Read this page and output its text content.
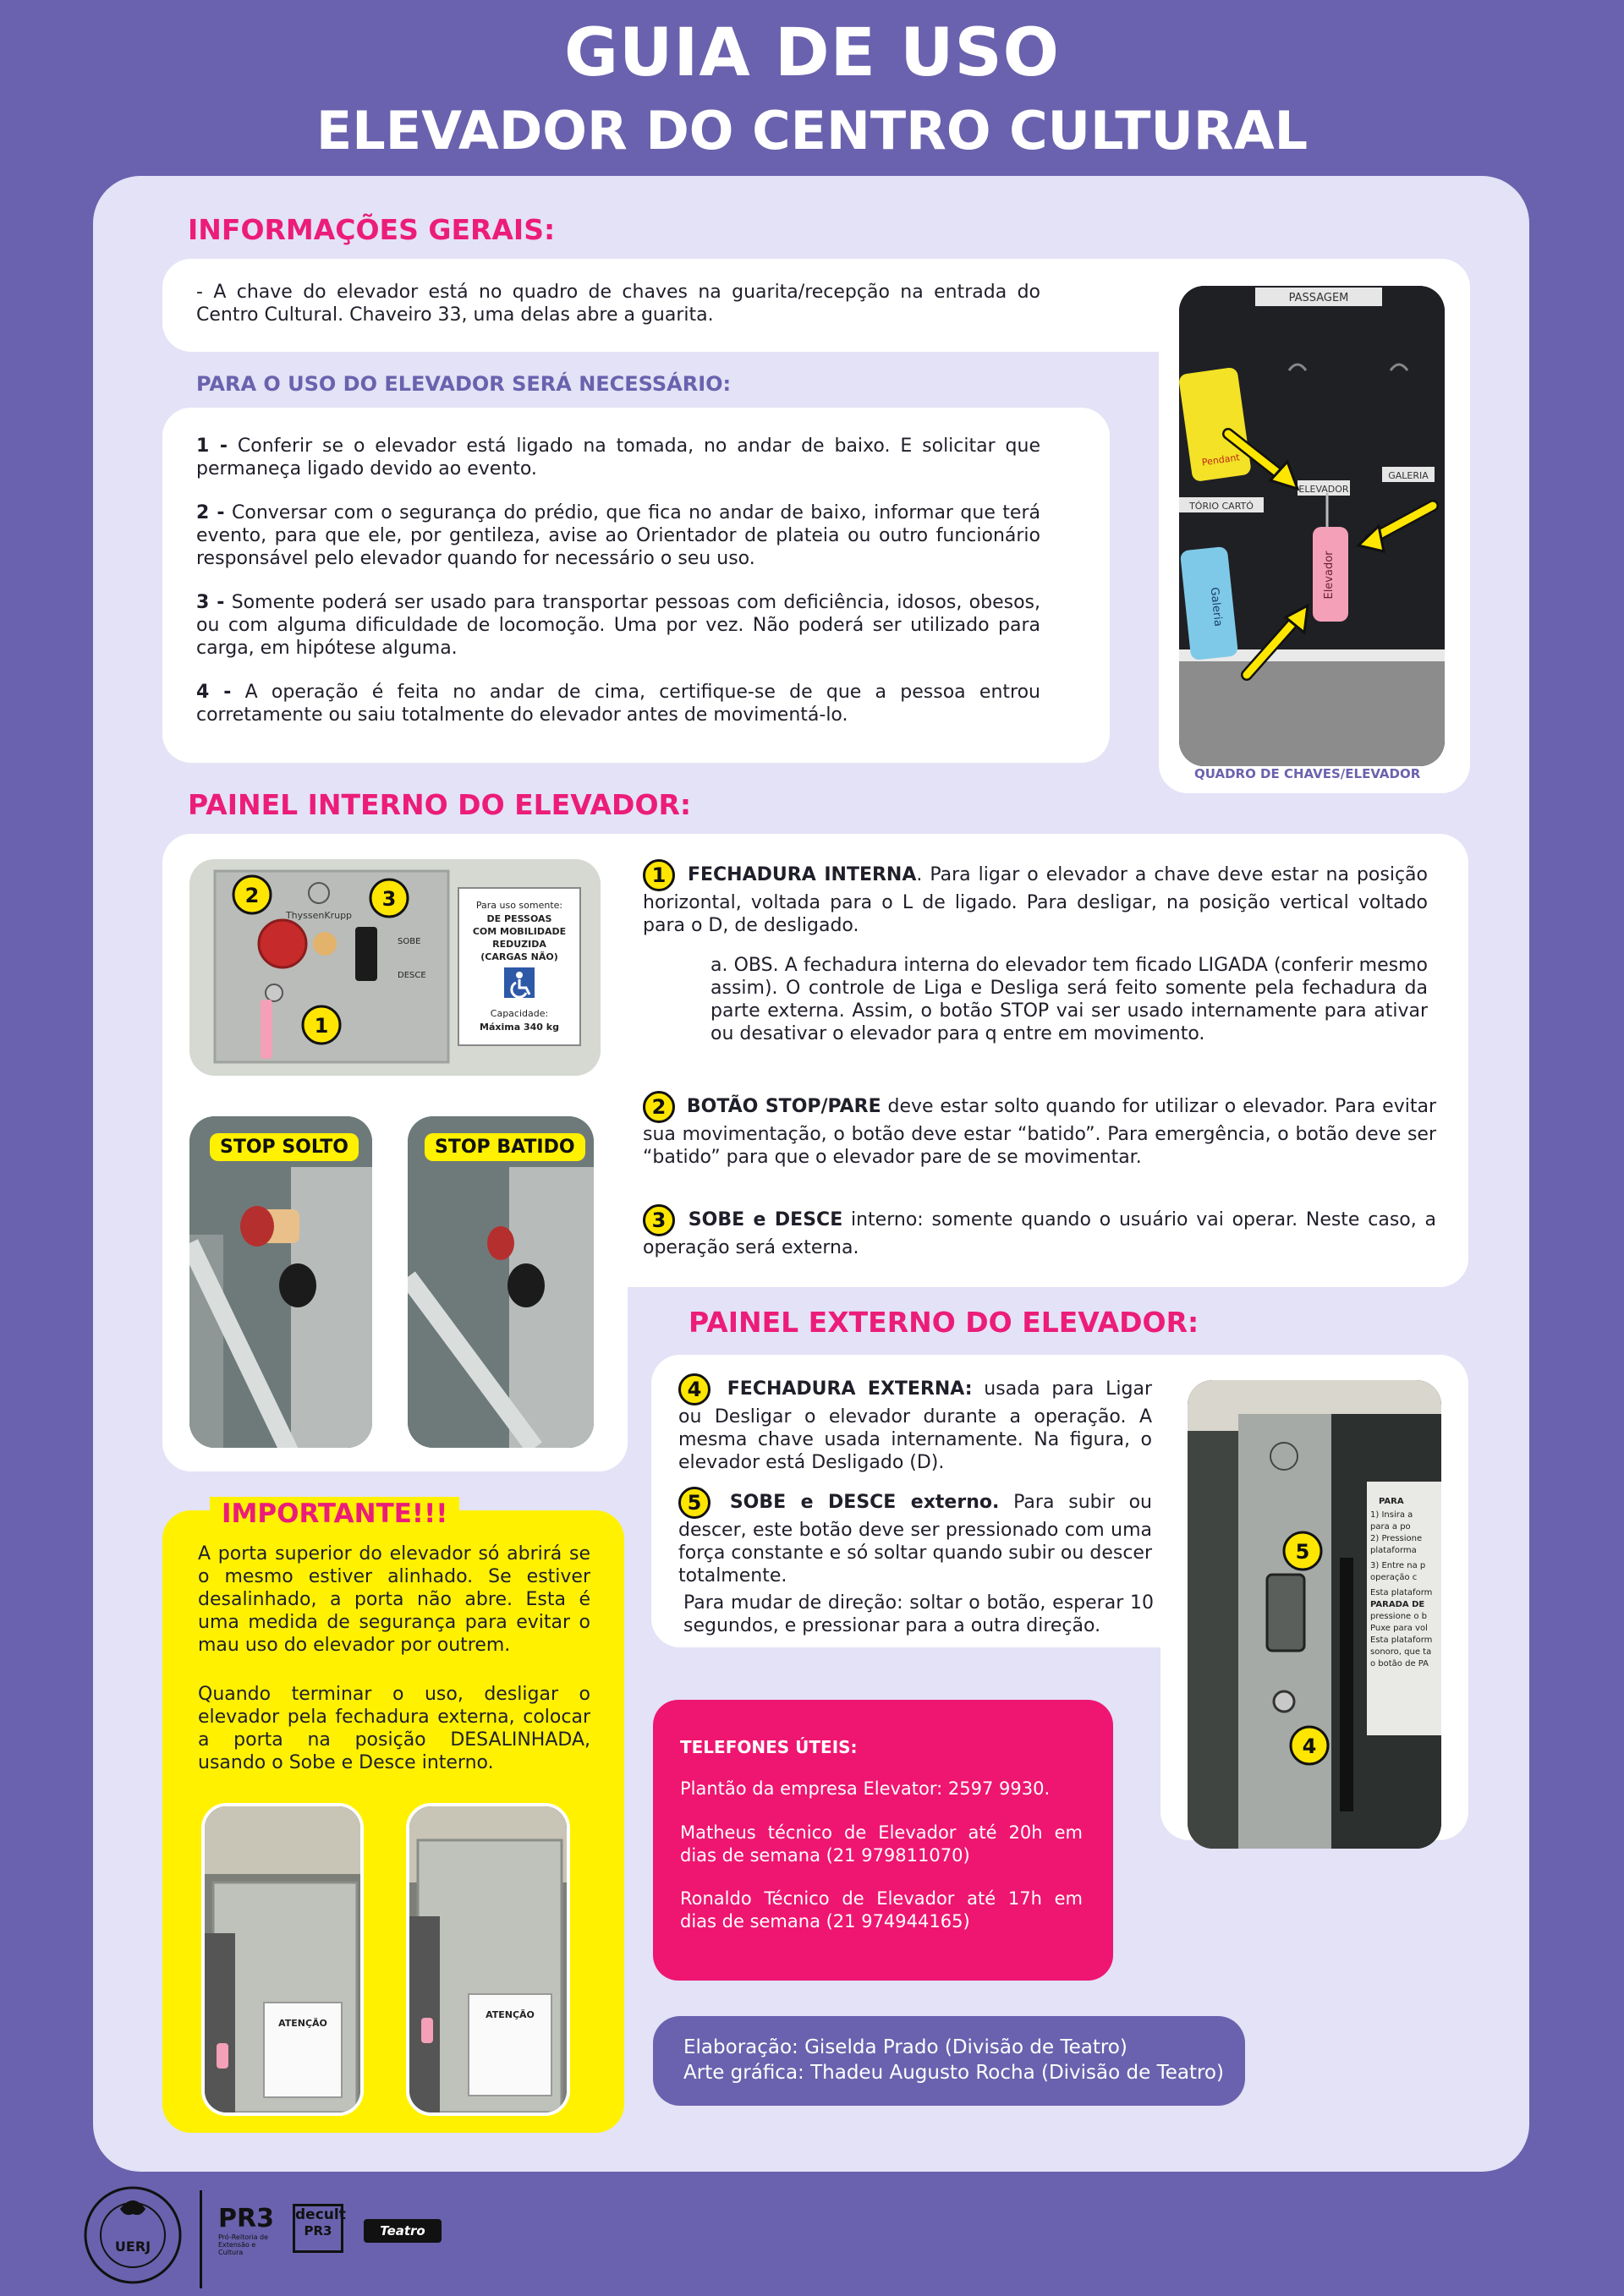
GUIA DE USO
ELEVADOR DO CENTRO CULTURAL
INFORMAÇÕES GERAIS:
- A chave do elevador está no quadro de chaves na guarita/recepção na entrada do Centro Cultural. Chaveiro 33, uma delas abre a guarita.
PARA O USO DO ELEVADOR SERÁ NECESSÁRIO:
1 - Conferir se o elevador está ligado na tomada, no andar de baixo. E solicitar que permaneça ligado devido ao evento.
2 - Conversar com o segurança do prédio, que fica no andar de baixo, informar que terá evento, para que ele, por gentileza, avise ao Orientador de plateia ou outro funcionário responsável pelo elevador quando for necessário o seu uso.
3 - Somente poderá ser usado para transportar pessoas com deficiência, idosos, obesos, ou com alguma dificuldade de locomoção. Uma por vez. Não poderá ser utilizado para carga, em hipótese alguma.
4 - A operação é feita no andar de cima, certifique-se de que a pessoa entrou corretamente ou saiu totalmente do elevador antes de movimentá-lo.
PASSAGEM
ELEVADOR
GALERIA
TÓRIO CARTÓ
Pendant
Galeria
Elevador
QUADRO DE CHAVES/ELEVADOR
PAINEL INTERNO DO ELEVADOR:
ThyssenKrupp
SOBE
DESCE
Para uso somente:
DE PESSOAS
COM MOBILIDADE
REDUZIDA
(CARGAS NÃO)
Capacidade:
Máxima 340 kg
2	3
1
STOP SOLTO	STOP BATIDO
1 FECHADURA INTERNA. Para ligar o elevador a chave deve estar na posição horizontal, voltada para o L de ligado. Para desligar, na posição vertical voltado para o D, de desligado.
a. OBS. A fechadura interna do elevador tem ficado LIGADA (conferir mesmo assim). O controle de Liga e Desliga será feito somente pela fechadura da parte externa. Assim, o botão STOP vai ser usado internamente para ativar ou desativar o elevador para q entre em movimento.
2 BOTÃO STOP/PARE deve estar solto quando for utilizar o elevador. Para evitar sua movimentação, o botão deve estar “batido”. Para emergência, o botão deve ser “batido” para que o elevador pare de se movimentar.
3 SOBE e DESCE interno: somente quando o usuário vai operar. Neste caso, a operação será externa.
PAINEL EXTERNO DO ELEVADOR:
4 FECHADURA EXTERNA: usada para Ligar ou Desligar o elevador durante a operação. A mesma chave usada internamente. Na figura, o elevador está Desligado (D).
5 SOBE e DESCE externo. Para subir ou descer, este botão deve ser pressionado com uma força constante e só soltar quando subir ou descer totalmente.
Para mudar de direção: soltar o botão, esperar 10 segundos, e pressionar para a outra direção.
PARA
1) Insira a
para a po
2) Pressione
plataforma
3) Entre na p
operação c
Esta plataform
PARADA DE
pressione o b
Puxe para vol
Esta plataform
sonoro, que ta
o botão de PA
5
4
IMPORTANTE!!!
A porta superior do elevador só abrirá se o mesmo estiver alinhado. Se estiver desalinhado, a porta não abre. Esta é uma medida de segurança para evitar o mau uso do elevador por outrem.
Quando terminar o uso, desligar o elevador pela fechadura externa, colocar a porta na posição DESALINHADA, usando o Sobe e Desce interno.
ATENÇÃO
ATENÇÃO
TELEFONES ÚTEIS:
Plantão da empresa Elevator: 2597 9930.
Matheus técnico de Elevador até 20h em dias de semana (21 979811070)
Ronaldo Técnico de Elevador até 17h em dias de semana (21 974944165)
Elaboração: Giselda Prado (Divisão de Teatro)
Arte gráfica: Thadeu Augusto Rocha (Divisão de Teatro)
UERJ
PR3
Pró-Reitoria de Extensão e Cultura
decult
PR3	Teatro
